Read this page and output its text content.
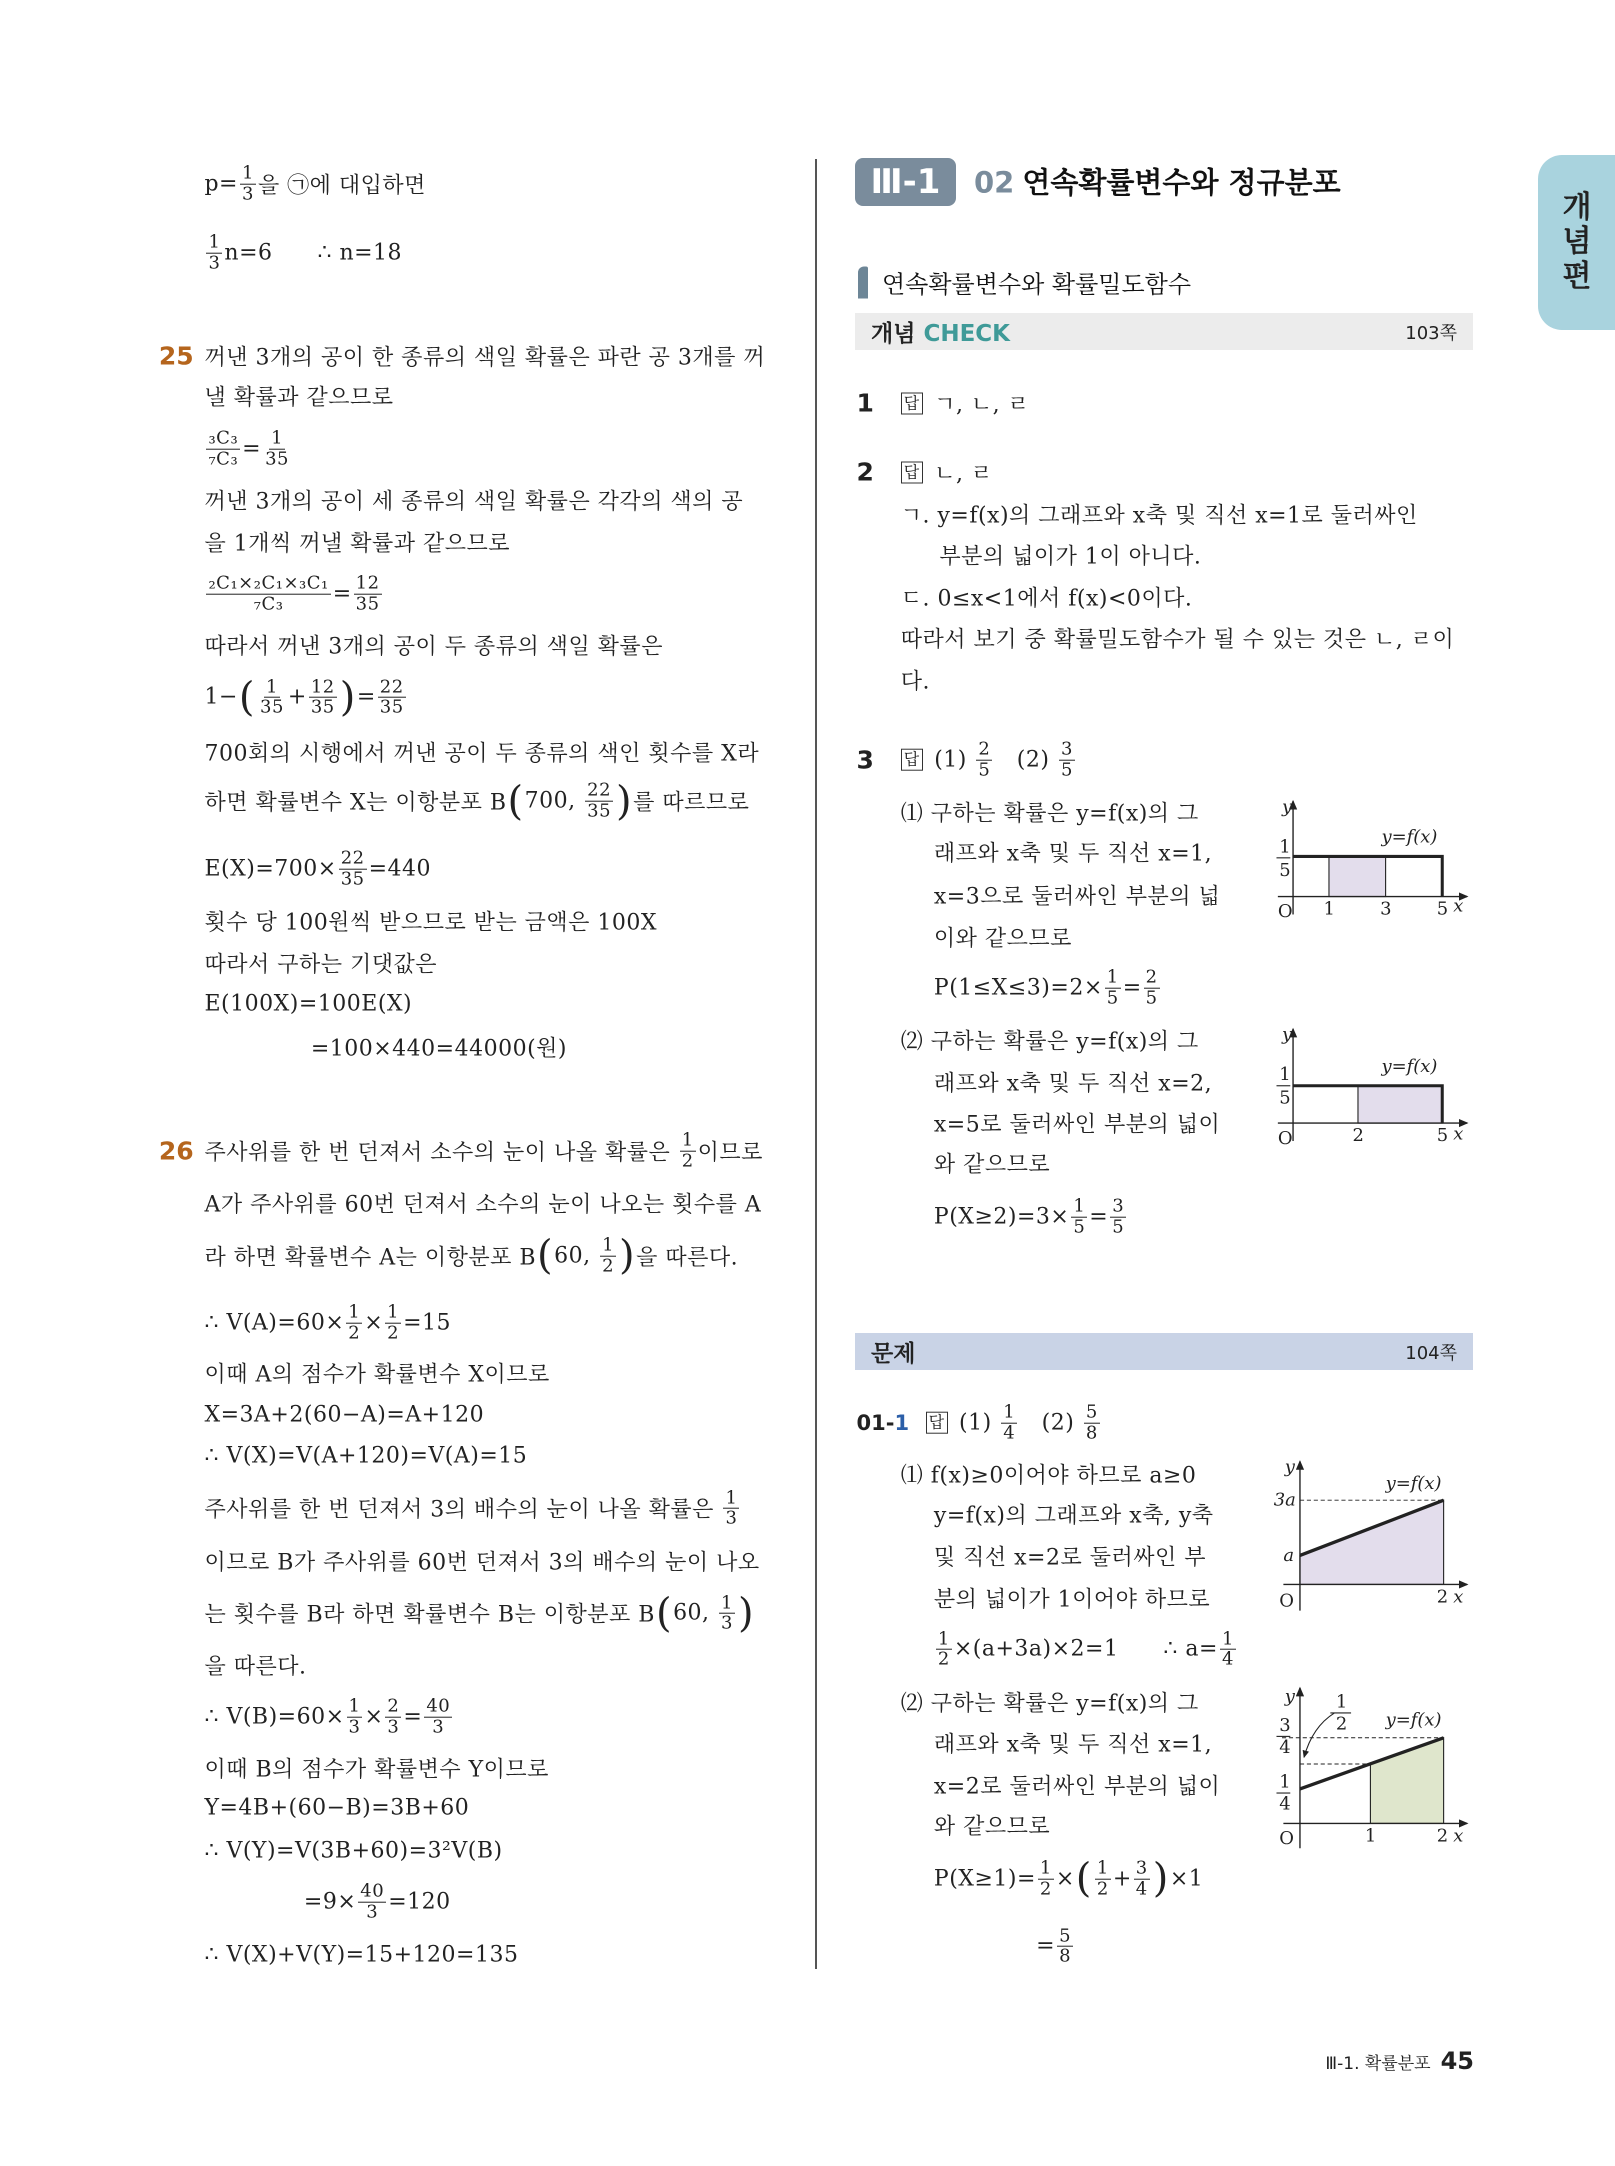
Ⅲ-1	02 연속확률변수와 정규분포
개
념
편
연속확률변수와 확률밀도함수
개념 CHECK	103쪽
문제	104쪽
Ⅲ-1. 확률분포 45
$p= \frac{1}{3}$ 을 ㉠에 대입하면
$\frac{1}{3} n=6$      ∴ n=18
꺼낸 3개의 공이 한 종류의 색일 확률은 파란 공 3개를 꺼
낼 확률과 같으므로
$\frac{\text{₃C₃}}{\text{₇C₃}} = \frac{1}{35}$
꺼낸 3개의 공이 세 종류의 색일 확률은 각각의 색의 공
을 1개씩 꺼낼 확률과 같으므로
$\frac{\text{₂C₁×₂C₁×₃C₁}}{\text{₇C₃}} = \frac{12}{35}$
따라서 꺼낸 3개의 공이 두 종류의 색일 확률은
1− ( $\frac{1}{35} + \frac{12}{35}$ ) = $\frac{22}{35}$
700회의 시행에서 꺼낸 공이 두 종류의 색인 횟수를 X라
하면 확률변수 X는 이항분포 B ( 700, $\frac{22}{35}$ ) 를 따르므로
$E(X)=700\times \frac{22}{35} =440$
횟수 당 100원씩 받으므로 받는 금액은 100X
따라서 구하는 기댓값은
E(100X)=100E(X)
=100×440=44000(원)
주사위를 한 번 던져서 소수의 눈이 나올 확률은 $\frac{1}{2}$ 이므로
A가 주사위를 60번 던져서 소수의 눈이 나오는 횟수를 A
라 하면 확률변수 A는 이항분포 B ( 60, $\frac{1}{2}$ ) 을 따른다.
∴ $V(A)=60\times \frac{1}{2} \times \frac{1}{2} =15$
이때 A의 점수가 확률변수 X이므로
X=3A+2(60−A)=A+120
∴ V(X)=V(A+120)=V(A)=15
주사위를 한 번 던져서 3의 배수의 눈이 나올 확률은 $\frac{1}{3}$
이므로 B가 주사위를 60번 던져서 3의 배수의 눈이 나오
는 횟수를 B라 하면 확률변수 B는 이항분포 B ( 60, $\frac{1}{3}$ )
을 따른다.
∴ $V(B)=60\times \frac{1}{3} \times \frac{2}{3} = \frac{40}{3}$
이때 B의 점수가 확률변수 Y이므로
Y=4B+(60−B)=3B+60
∴ V(Y)=V(3B+60)=3²V(B)
$=9\times \frac{40}{3} =120$
∴ V(X)+V(Y)=15+120=135
답 ㄱ, ㄴ, ㄹ
답 ㄴ, ㄹ
ㄱ. y=f(x)의 그래프와 x축 및 직선 x=1로 둘러싸인
부분의 넓이가 1이 아니다.
ㄷ. 0≤x<1에서 f(x)<0이다.
따라서 보기 중 확률밀도함수가 될 수 있는 것은 ㄴ, ㄹ이
다.
답 $(1) \frac{2}{5} (2) \frac{3}{5}$
⑴ 구하는 확률은 y=f(x)의 그
래프와 x축 및 두 직선 x=1,
x=3으로 둘러싸인 부분의 넓
이와 같으므로
$P(1\le X\le 3)=2\times \frac{1}{5} = \frac{2}{5}$
⑵ 구하는 확률은 y=f(x)의 그
래프와 x축 및 두 직선 x=2,
x=5로 둘러싸인 부분의 넓이
와 같으므로
$P(X\ge 2)=3\times \frac{1}{5} = \frac{3}{5}$
답 $(1) \frac{1}{4} (2) \frac{5}{8}$
⑴ f(x)≥0이어야 하므로 a≥0
y=f(x)의 그래프와 x축, y축
및 직선 x=2로 둘러싸인 부
분의 넓이가 1이어야 하므로
$\frac{1}{2} \times(a+3a)\times 2=1$      ∴ $a= \frac{1}{4}$
⑵ 구하는 확률은 y=f(x)의 그
래프와 x축 및 두 직선 x=1,
x=2로 둘러싸인 부분의 넓이
와 같으므로
$P(X\ge 1)= \frac{1}{2}$ × ( $\frac{1}{2} + \frac{3}{4}$ ) ×1
= $\frac{5}{8}$
25
26
1
2
3
01-1
y
x
O
y=f(x)
1	3	5
1
5
y
x
O
y=f(x)
2	5
1
5
y
x
O
y=f(x)
2
3a
a
y
x
O
y=f(x)
1	2
3
4
1
4
1
2
